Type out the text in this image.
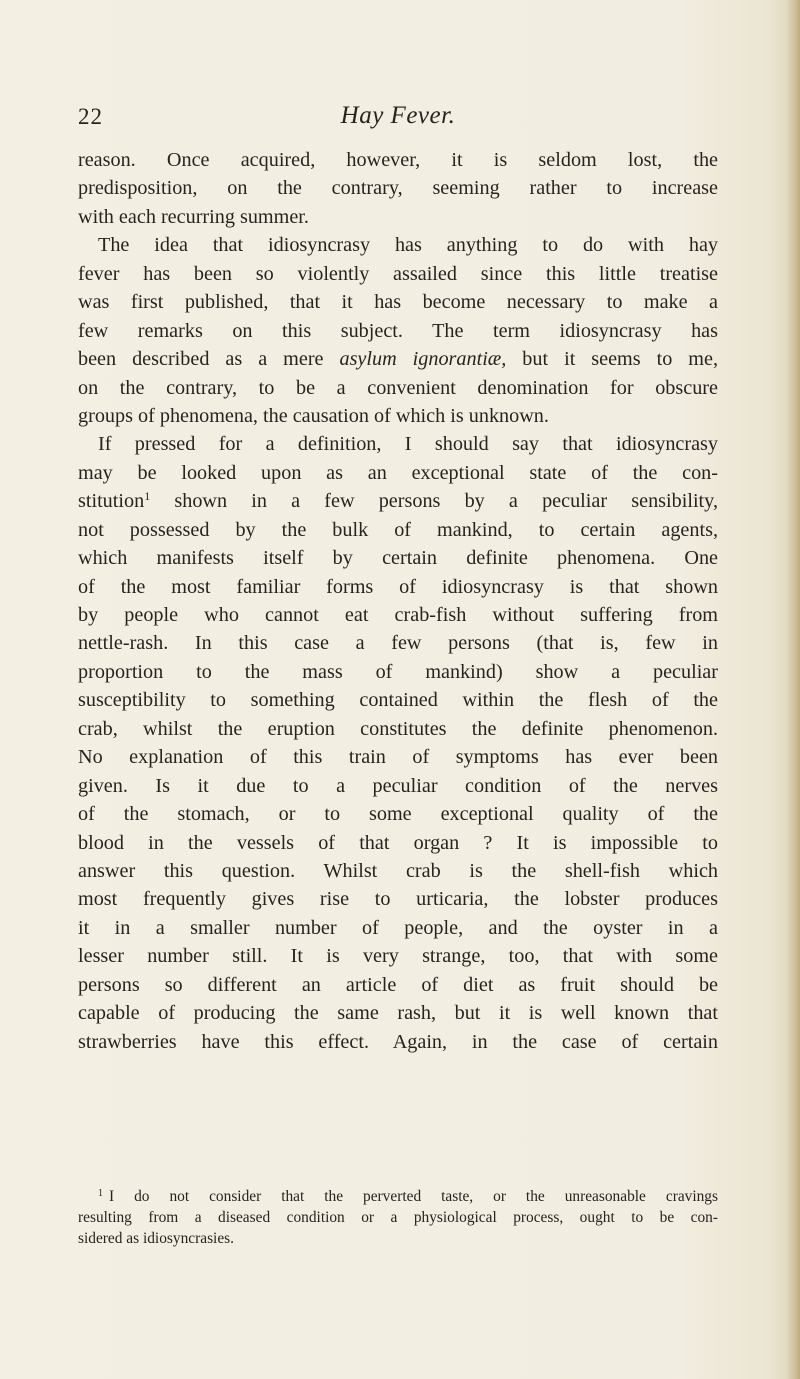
22	Hay Fever.
reason. Once acquired, however, it is seldom lost, the
predisposition, on the contrary, seeming rather to increase
with each recurring summer.
The idea that idiosyncrasy has anything to do with hay
fever has been so violently assailed since this little treatise
was first published, that it has become necessary to make a
few remarks on this subject. The term idiosyncrasy has
been described as a mere asylum ignorantiæ, but it seems to me,
on the contrary, to be a convenient denomination for obscure
groups of phenomena, the causation of which is unknown.
If pressed for a definition, I should say that idiosyncrasy
may be looked upon as an exceptional state of the con-
stitution$^1$ shown in a few persons by a peculiar sensibility,
not possessed by the bulk of mankind, to certain agents,
which manifests itself by certain definite phenomena. One
of the most familiar forms of idiosyncrasy is that shown
by people who cannot eat crab-fish without suffering from
nettle-rash. In this case a few persons (that is, few in
proportion to the mass of mankind) show a peculiar
susceptibility to something contained within the flesh of the
crab, whilst the eruption constitutes the definite phenomenon.
No explanation of this train of symptoms has ever been
given. Is it due to a peculiar condition of the nerves
of the stomach, or to some exceptional quality of the
blood in the vessels of that organ ? It is impossible to
answer this question. Whilst crab is the shell-fish which
most frequently gives rise to urticaria, the lobster produces
it in a smaller number of people, and the oyster in a
lesser number still. It is very strange, too, that with some
persons so different an article of diet as fruit should be
capable of producing the same rash, but it is well known that
strawberries have this effect. Again, in the case of certain
$^1$ I do not consider that the perverted taste, or the unreasonable cravings
resulting from a diseased condition or a physiological process, ought to be con-
sidered as idiosyncrasies.
